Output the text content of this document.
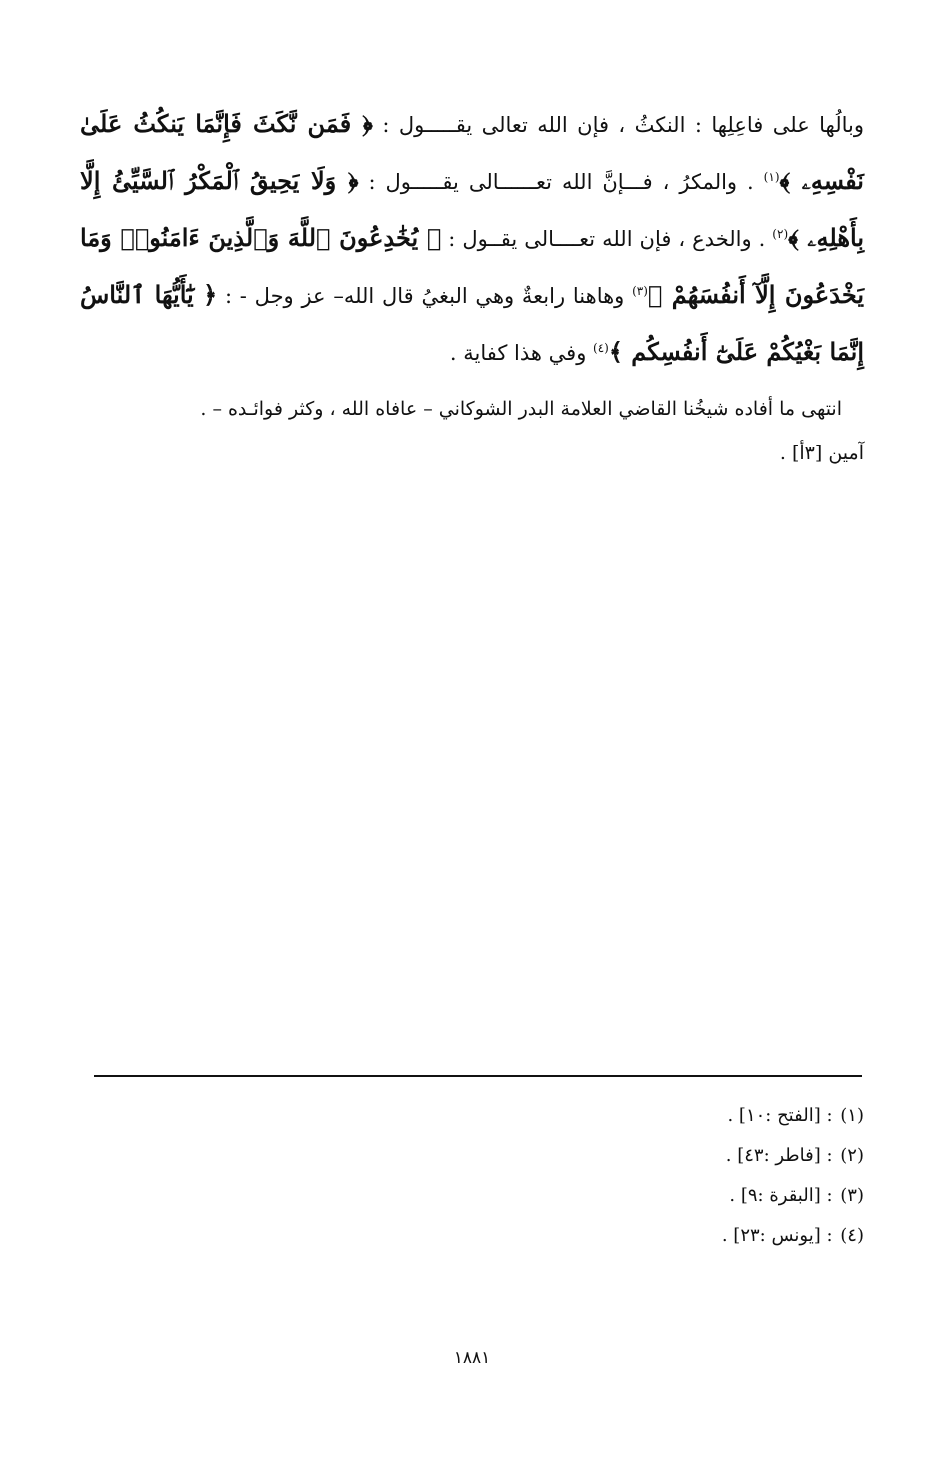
وبالُها على فاعِلِها : النكثُ ، فإن الله تعالى يقـــــول : ﴿ فَمَن نَّكَثَ فَإِنَّمَا يَنكُثُ عَلَىٰ نَفْسِهِۦ ﴾$^{(١)}$ . والمكرُ ، فـــإنَّ الله تعــــــالى يقـــــول : ﴿ وَلَا يَحِيقُ ٱلْمَكْرُ ٱلسَّيِّئُ إِلَّا بِأَهْلِهِۦ ﴾$^{(٢)}$ . والخدع ، فإن الله تعــــالى يقــول : ﴿ يُخَٰدِعُونَ ٱللَّهَ وَٱلَّذِينَ ءَامَنُوا۟ وَمَا يَخْدَعُونَ إِلَّآ أَنفُسَهُمْ ﴾$^{(٣)}$ وهاهنا رابعةٌ وهي البغيُ قال الله– عز وجل - : ﴿ يَٰٓأَيُّهَا ٱلنَّاسُ إِنَّمَا بَغْيُكُمْ عَلَىٰٓ أَنفُسِكُم ﴾$^{(٤)}$ وفي هذا كفاية .

انتهى ما أفاده شيخُنا القاضي العلامة البدر الشوكاني – عافاه الله ، وكثر فوائـده – .
آمين [٣أ] .

(١) : [الفتح :١٠] .
(٢) : [فاطر :٤٣] .
(٣) : [البقرة :٩] .
(٤) : [يونس :٢٣] .
١٨٨١
